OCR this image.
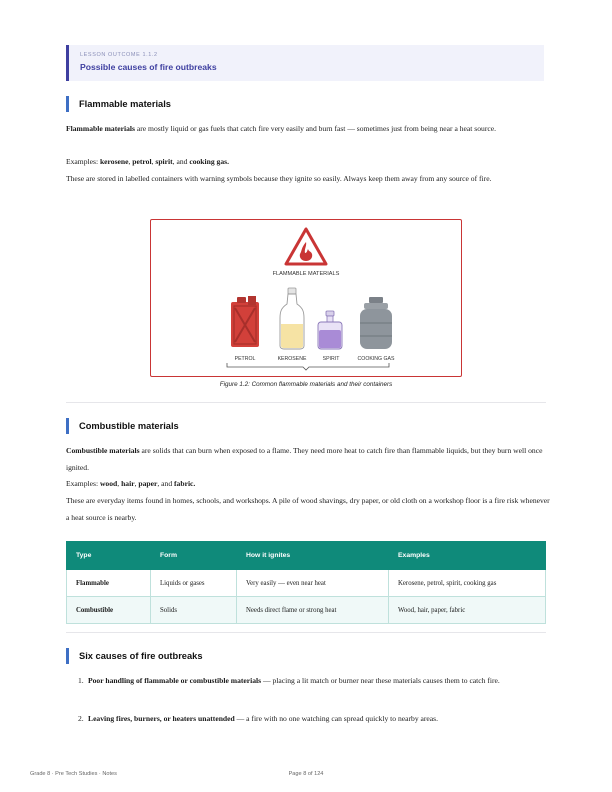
LESSON OUTCOME 1.1.2
Possible causes of fire outbreaks
Flammable materials

Flammable materials are mostly liquid or gas fuels that catch fire very easily and burn fast — sometimes just from being near a heat source.

Examples: kerosene, petrol, spirit, and cooking gas.

These are stored in labelled containers with warning symbols because they ignite so easily. Always keep them away from any source of fire.

FLAMMABLE MATERIALS
PETROL	KEROSENE	SPIRIT	COOKING GAS
Figure 1.2: Common flammable materials and their containers
Combustible materials

Combustible materials are solids that can burn when exposed to a flame. They need more heat to catch fire than flammable liquids, but they burn well once ignited.

Examples: wood, hair, paper, and fabric.

These are everyday items found in homes, schools, and workshops. A pile of wood shavings, dry paper, or old cloth on a workshop floor is a fire risk whenever a heat source is nearby.

Type	Form	How it ignites	Examples
Flammable	Liquids or gases	Very easily — even near heat	Kerosene, petrol, spirit, cooking gas
Combustible	Solids	Needs direct flame or strong heat	Wood, hair, paper, fabric
Six causes of fire outbreaks
1. Poor handling of flammable or combustible materials — placing a lit match or burner near these materials causes them to catch fire.
2. Leaving fires, burners, or heaters unattended — a fire with no one watching can spread quickly to nearby areas.
Grade 8 · Pre Tech Studies · Notes	Page 8 of 124
